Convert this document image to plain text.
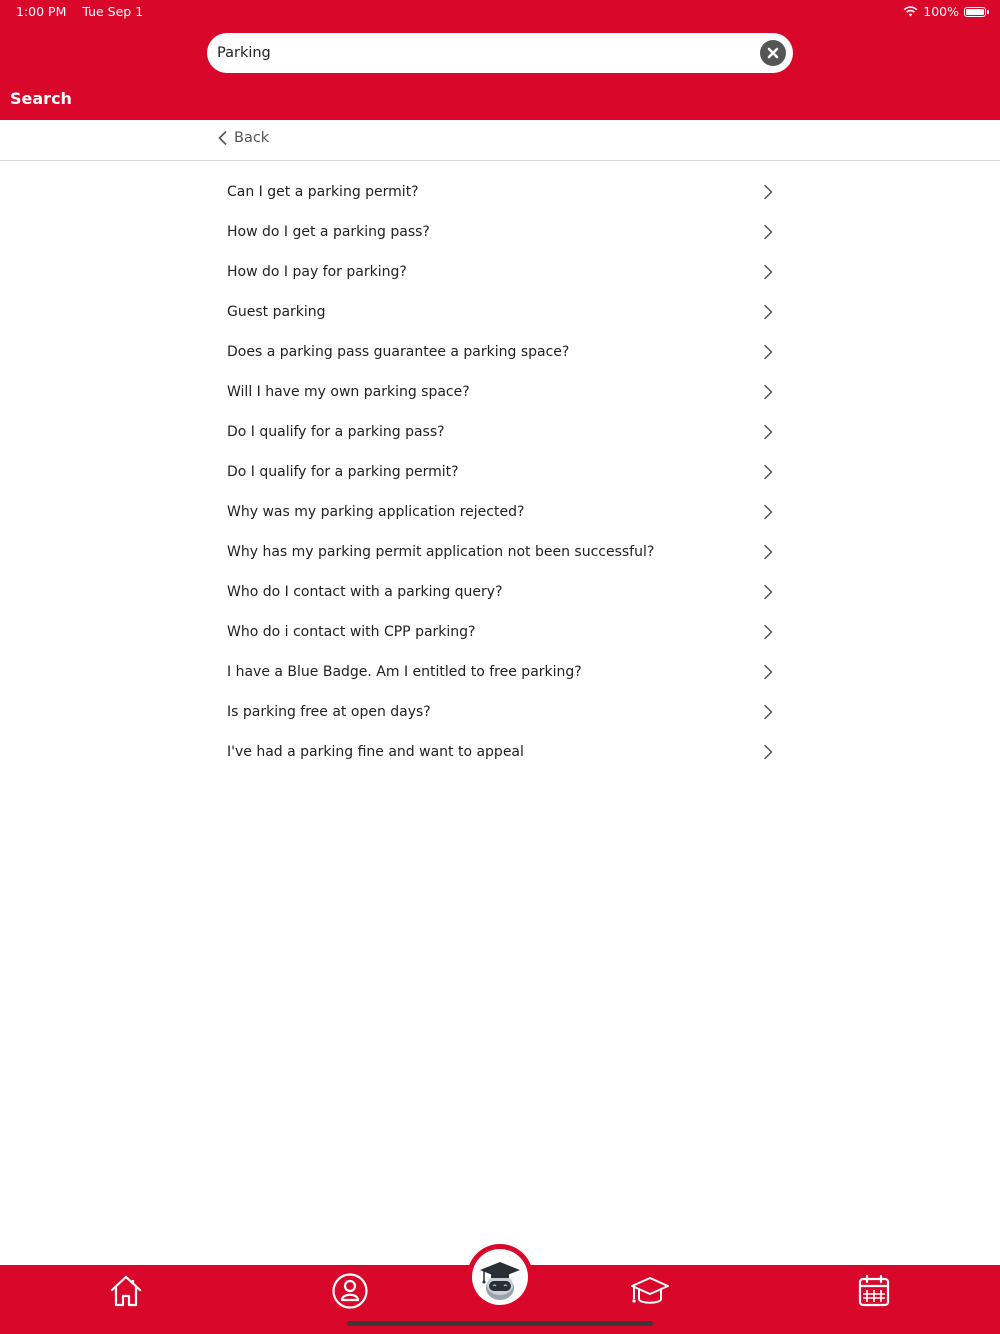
1:00 PM Tue Sep 1	100%
Parking
Search
Back
Can I get a parking permit?
How do I get a parking pass?
How do I pay for parking?
Guest parking
Does a parking pass guarantee a parking space?
Will I have my own parking space?
Do I qualify for a parking pass?
Do I qualify for a parking permit?
Why was my parking application rejected?
Why has my parking permit application not been successful?
Who do I contact with a parking query?
Who do i contact with CPP parking?
I have a Blue Badge. Am I entitled to free parking?
Is parking free at open days?
I've had a parking fine and want to appeal
